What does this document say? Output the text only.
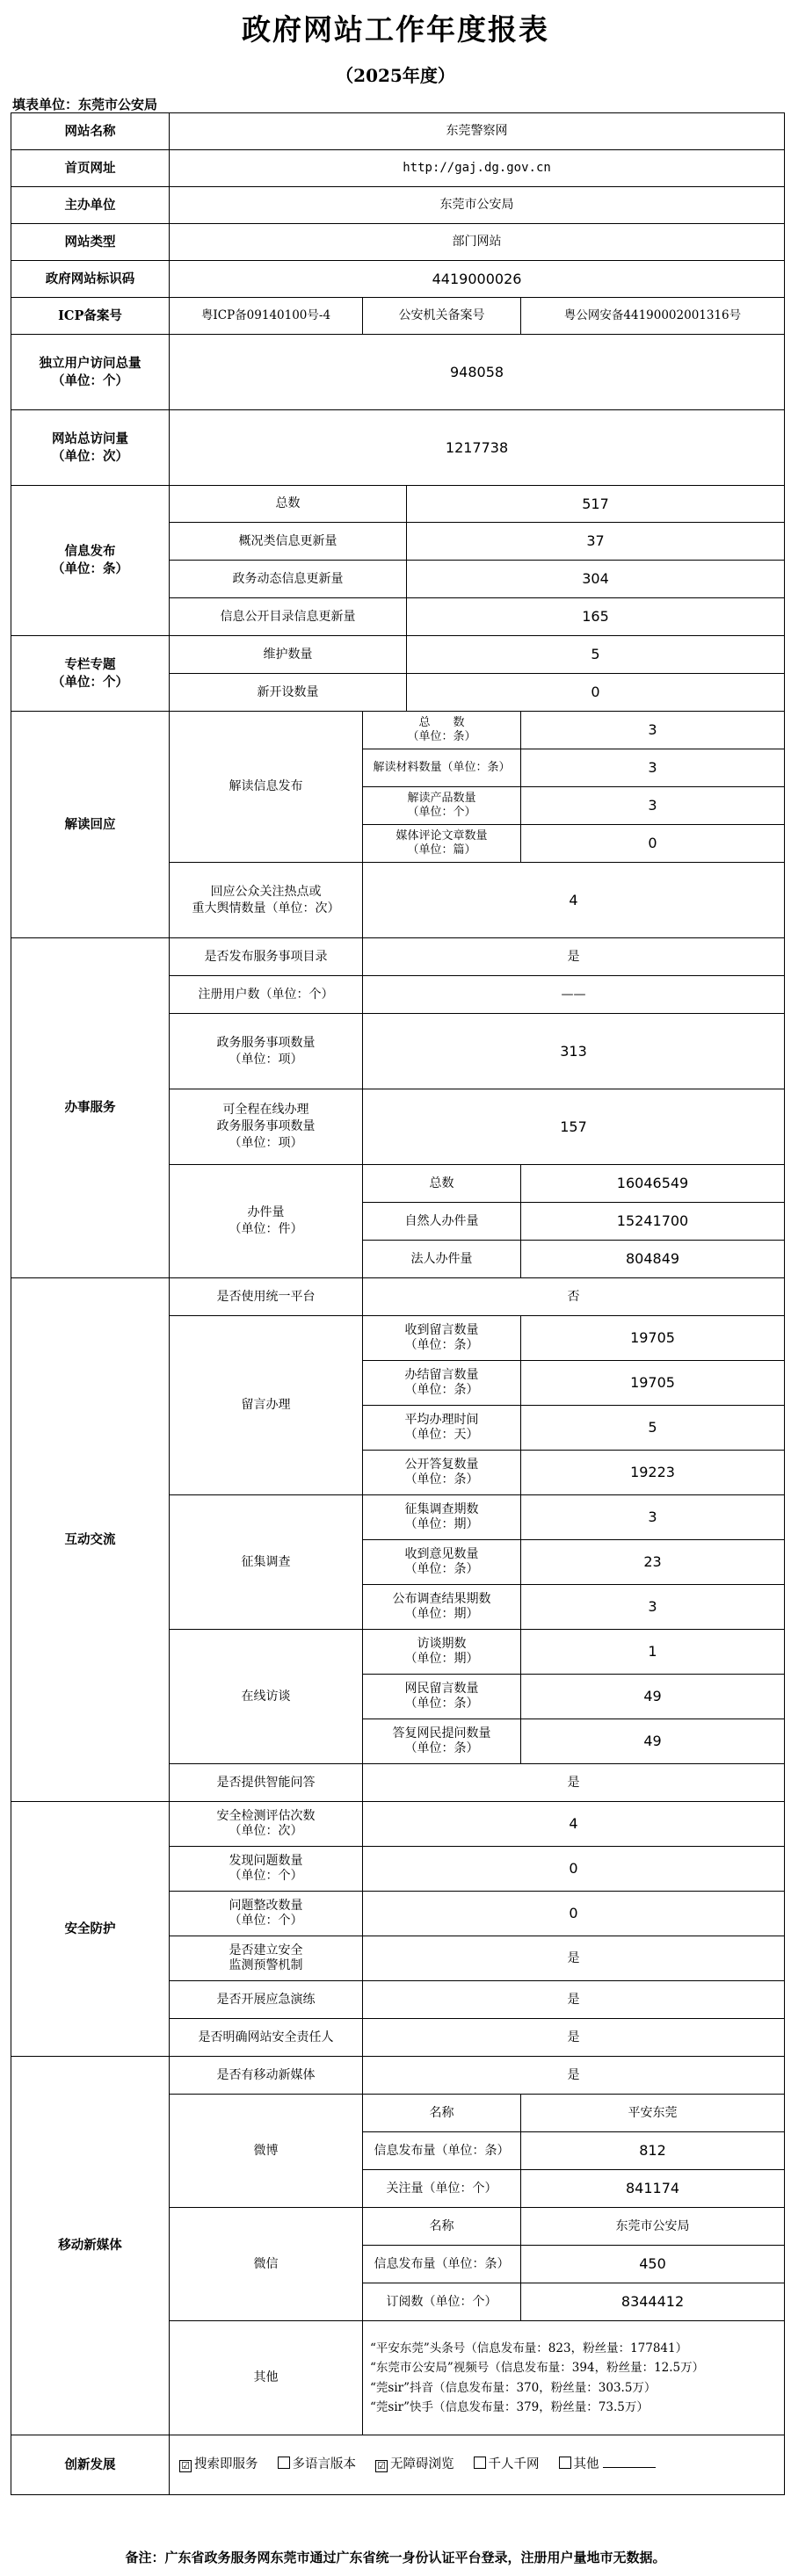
政府网站工作年度报表
（2025年度）
填表单位：东莞市公安局
网站名称	东莞警察网			
首页网址	http://gaj.dg.gov.cn			
主办单位	东莞市公安局			
网站类型	部门网站			
政府网站标识码	4419000026			
ICP备案号	粤ICP备09140100号-4	公安机关备案号		粤公网安备44190002001316号
独立用户访问总量
（单位：个）	948058			
网站总访问量
（单位：次）	1217738			
信息发布
（单位：条）	总数		517	
	概况类信息更新量		37	
	政务动态信息更新量		304	
	信息公开目录信息更新量		165	
专栏专题
（单位：个）	维护数量		5	
	新开设数量		0	
解读回应	解读信息发布	总　　数
（单位：条）		3
		解读材料数量（单位：条）		3
		解读产品数量
（单位：个）		3
		媒体评论文章数量
（单位：篇）		0
	回应公众关注热点或
重大舆情数量（单位：次）	4		
办事服务	是否发布服务事项目录	是		
	注册用户数（单位：个）	——		
	政务服务事项数量
（单位：项）	313		
	可全程在线办理
政务服务事项数量
（单位：项）	157		
	办件量
（单位：件）	总数		16046549
		自然人办件量		15241700
		法人办件量		804849
互动交流	是否使用统一平台	否		
	留言办理	收到留言数量
（单位：条）		19705
		办结留言数量
（单位：条）		19705
		平均办理时间
（单位：天）		5
		公开答复数量
（单位：条）		19223
	征集调查	征集调查期数
（单位：期）		3
		收到意见数量
（单位：条）		23
		公布调查结果期数
（单位：期）		3
	在线访谈	访谈期数
（单位：期）		1
		网民留言数量
（单位：条）		49
		答复网民提问数量
（单位：条）		49
	是否提供智能问答	是		
安全防护	安全检测评估次数
（单位：次）	4		
	发现问题数量
（单位：个）	0		
	问题整改数量
（单位：个）	0		
	是否建立安全
监测预警机制	是		
	是否开展应急演练	是		
	是否明确网站安全责任人	是		
移动新媒体	是否有移动新媒体	是		
	微博	名称		平安东莞
		信息发布量（单位：条）		812
		关注量（单位：个）		841174
	微信	名称		东莞市公安局
		信息发布量（单位：条）		450
		订阅数（单位：个）		8344412
	其他	“平安东莞”头条号（信息发布量：823，粉丝量：177841）
“东莞市公安局”视频号（信息发布量：394，粉丝量：12.5万）
“莞sir”抖音（信息发布量：370，粉丝量：303.5万）
“莞sir”快手（信息发布量：379，粉丝量：73.5万）		

创新发展	☑ 搜索即服务 多语言版本 ☑ 无障碍浏览 千人千网 其他			
备注：广东省政务服务网东莞市通过广东省统一身份认证平台登录，注册用户量地市无数据。
